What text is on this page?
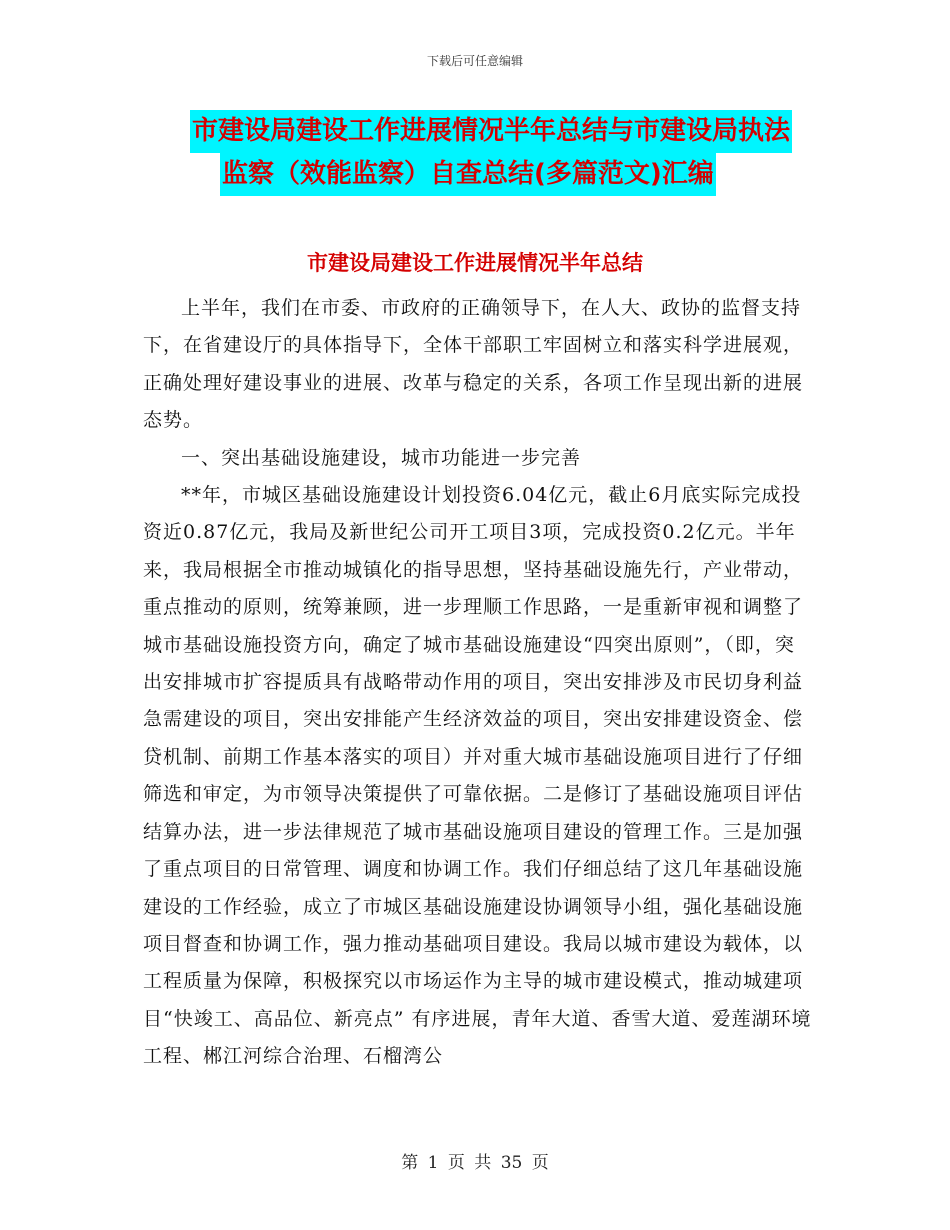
下载后可任意编辑
市建设局建设工作进展情况半年总结与市建设局执法
监察（效能监察）自查总结(多篇范文)汇编
市建设局建设工作进展情况半年总结

上半年，我们在市委、市政府的正确领导下，在人大、政协的监督支持下，在省建设厅的具体指导下，全体干部职工牢固树立和落实科学进展观，正确处理好建设事业的进展、改革与稳定的关系，各项工作呈现出新的进展态势。

一、突出基础设施建设，城市功能进一步完善

**年，市城区基础设施建设计划投资6.04亿元，截止6月底实际完成投资近0.87亿元，我局及新世纪公司开工项目3项，完成投资0.2亿元。半年来，我局根据全市推动城镇化的指导思想，坚持基础设施先行，产业带动，重点推动的原则，统筹兼顾，进一步理顺工作思路，一是重新审视和调整了城市基础设施投资方向，确定了城市基础设施建设“四突出原则”，（即，突出安排城市扩容提质具有战略带动作用的项目，突出安排涉及市民切身利益急需建设的项目，突出安排能产生经济效益的项目，突出安排建设资金、偿贷机制、前期工作基本落实的项目）并对重大城市基础设施项目进行了仔细筛选和审定，为市领导决策提供了可靠依据。二是修订了基础设施项目评估结算办法，进一步法律规范了城市基础设施项目建设的管理工作。三是加强了重点项目的日常管理、调度和协调工作。我们仔细总结了这几年基础设施建设的工作经验，成立了市城区基础设施建设协调领导小组，强化基础设施项目督查和协调工作，强力推动基础项目建设。我局以城市建设为载体，以工程质量为保障，积极探究以市场运作为主导的城市建设模式，推动城建项目“快竣工、高品位、新亮点” 有序进展，青年大道、香雪大道、爱莲湖环境工程、郴江河综合治理、石榴湾公

第 1 页 共 35 页
